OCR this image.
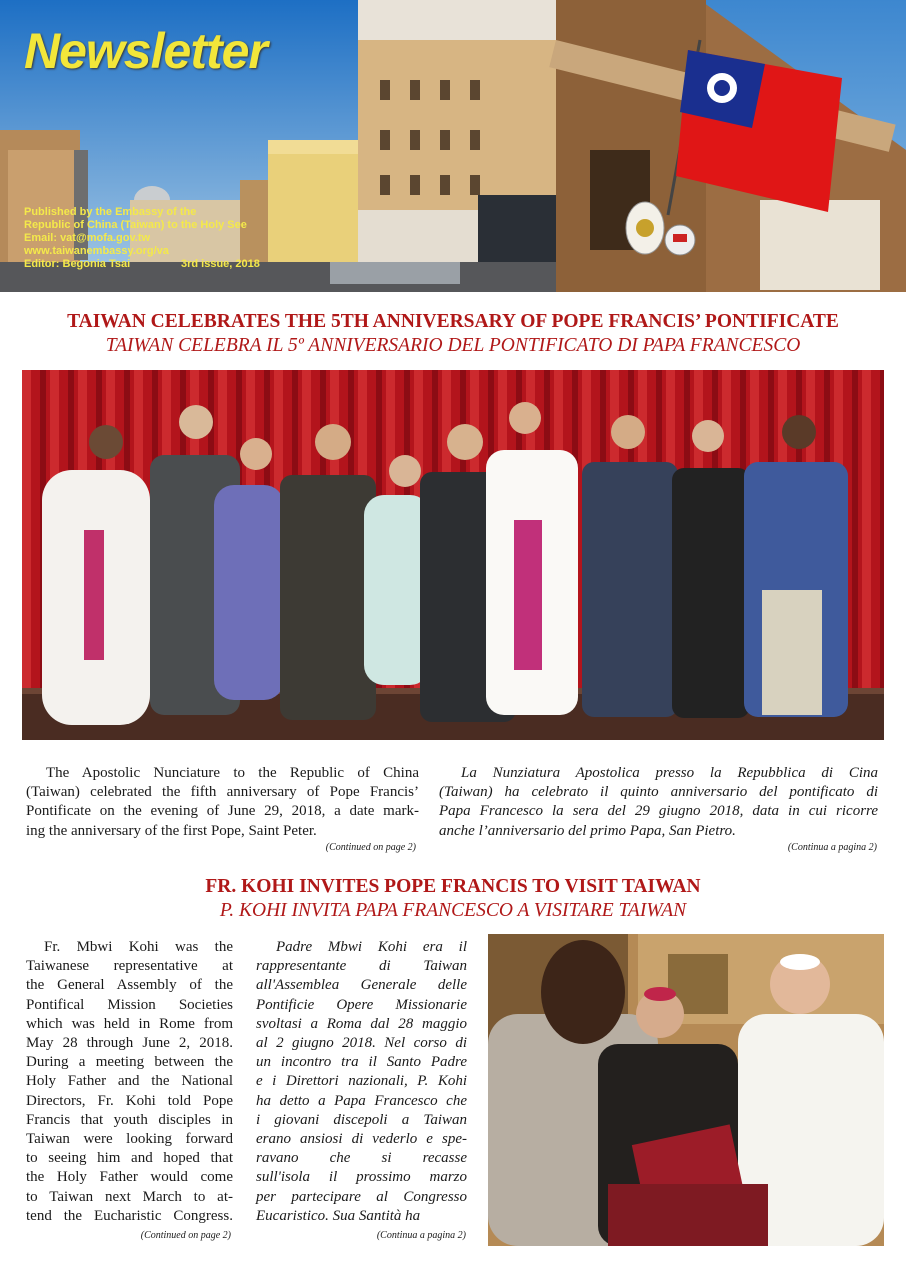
Newsletter
Published by the Embassy of the
Republic of China (Taiwan) to the Holy See
Email: vat@mofa.gov.tw
www.taiwanembassy.org/va
Editor: Begonia Tsai	3rd issue, 2018
TAIWAN CELEBRATES THE 5TH ANNIVERSARY OF POPE FRANCIS’ PONTIFICATE
TAIWAN CELEBRA IL 5º ANNIVERSARIO DEL PONTIFICATO DI PAPA FRANCESCO
The Apostolic Nunciature to the Republic of China
(Taiwan) celebrated the fifth anniversary of Pope Francis’
Pontificate on the evening of June 29, 2018, a date mark-
ing the anniversary of the first Pope, Saint Peter.
(Continued on page 2)
La Nunziatura Apostolica presso la Repubblica di Cina
(Taiwan) ha celebrato il quinto anniversario del pontificato di
Papa Francesco la sera del 29 giugno 2018, data in cui ricorre
anche l’anniversario del primo Papa, San Pietro.
(Continua a pagina 2)
FR. KOHI INVITES POPE FRANCIS TO VISIT TAIWAN
P. KOHI INVITA PAPA FRANCESCO A VISITARE TAIWAN
Fr. Mbwi Kohi was the
Taiwanese representative at
the General Assembly of the
Pontifical Mission Societies
which was held in Rome from
May 28 through June 2, 2018.
During a meeting between the
Holy Father and the National
Directors, Fr. Kohi told Pope
Francis that youth disciples in
Taiwan were looking forward
to seeing him and hoped that
the Holy Father would come
to Taiwan next March to at-
tend the Eucharistic Congress.
(Continued on page 2)
Padre Mbwi Kohi era il
rappresentante di Taiwan
all'Assemblea Generale delle
Pontificie Opere Missionarie
svoltasi a Roma dal 28 maggio
al 2 giugno 2018. Nel corso di
un incontro tra il Santo Padre
e i Direttori nazionali, P. Kohi
ha detto a Papa Francesco che
i giovani discepoli a Taiwan
erano ansiosi di vederlo e spe-
ravano che si recasse
sull'isola il prossimo marzo
per partecipare al Congresso
Eucaristico. Sua Santità ha
(Continua a pagina 2)
